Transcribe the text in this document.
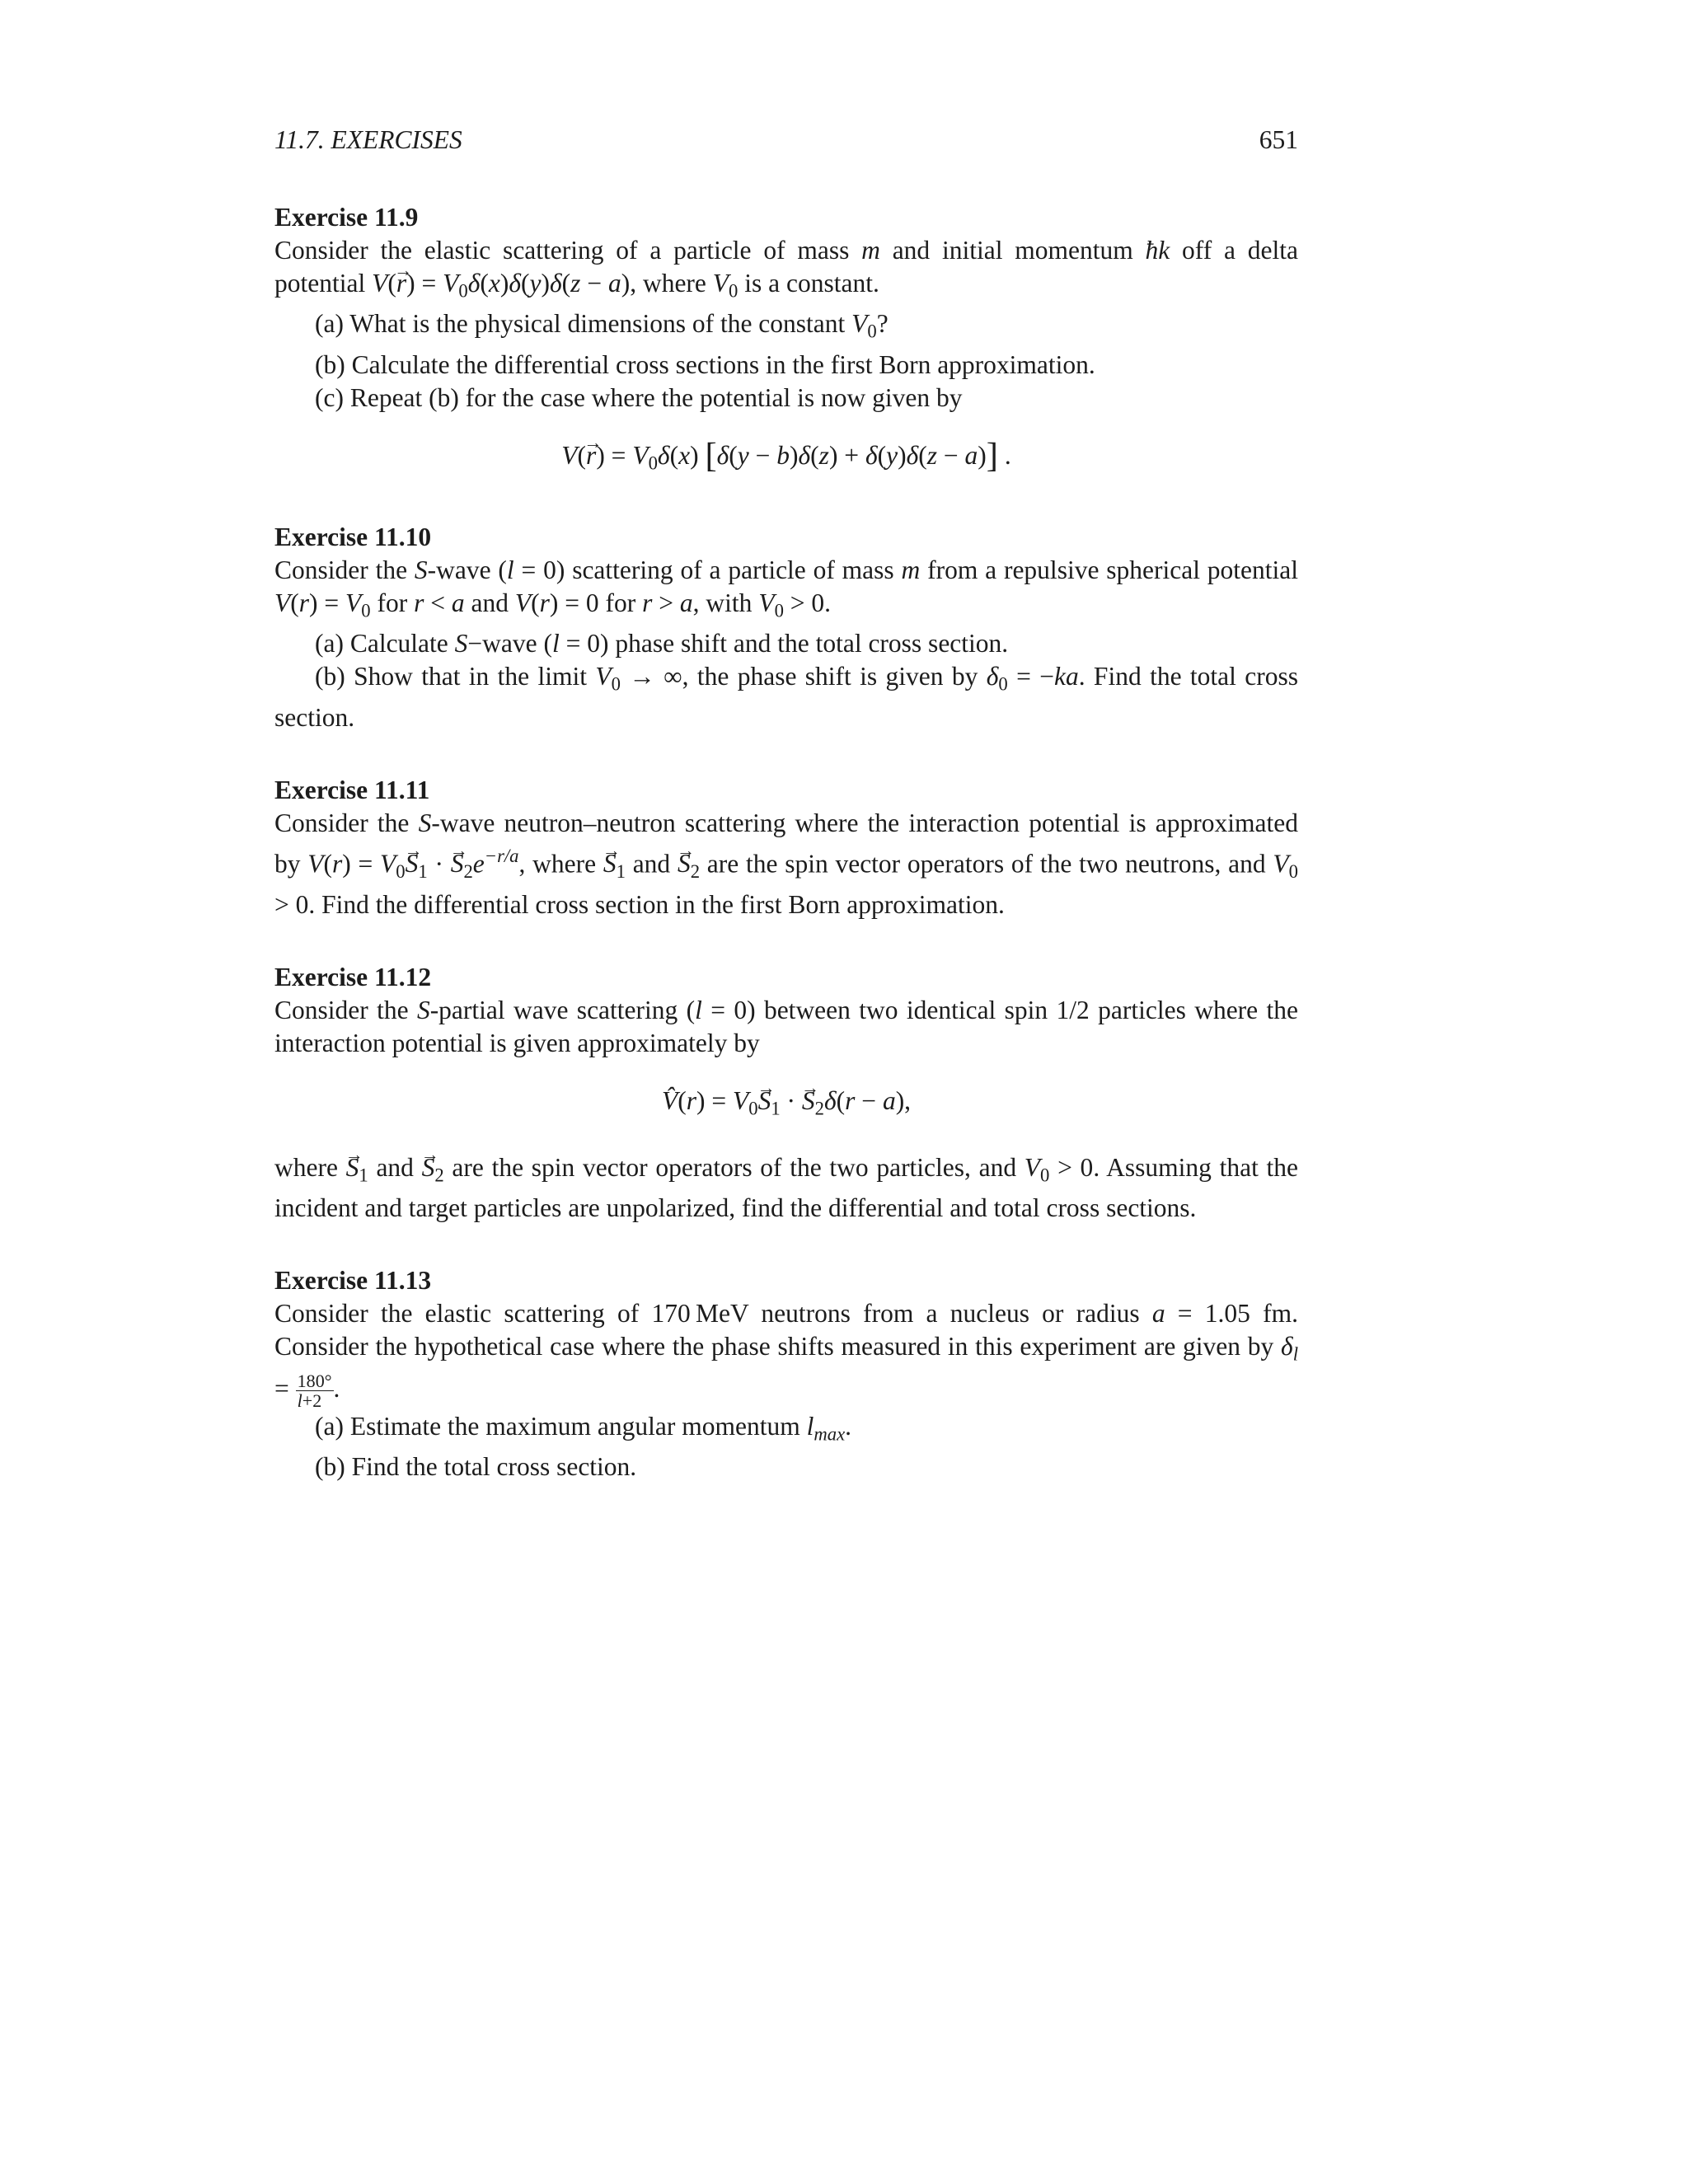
11.7. EXERCISES	651
Exercise 11.9
Consider the elastic scattering of a particle of mass m and initial momentum ħk off a delta potential $V(\to r) = V_0\delta(x)\delta(y)\delta(z - a)$, where $V_0$ is a constant.
(a) What is the physical dimensions of the constant $V_0$?
(b) Calculate the differential cross sections in the first Born approximation.
(c) Repeat (b) for the case where the potential is now given by
$V(\to r) = V_0\delta(x) [\delta(y - b)\delta(z) + \delta(y)\delta(z - a)]$ .
Exercise 11.10
Consider the S-wave (l = 0) scattering of a particle of mass m from a repulsive spherical potential $V(r) = V_0$ for r < a and V(r) = 0 for r > a, with $V_0 > 0$.
(a) Calculate S−wave (l = 0) phase shift and the total cross section.
(b) Show that in the limit $V_0$ → ∞, the phase shift is given by $\delta_0 = -ka$. Find the total cross section.
Exercise 11.11
Consider the S-wave neutron–neutron scattering where the interaction potential is approximated by $V(r) = V_0\to S_1$ · → $S_2e^{-r/a}$, where → $S_1$ and → $S_2$ are the spin vector operators of the two neutrons, and $V_0 > 0$. Find the differential cross section in the first Born approximation.
Exercise 11.12
Consider the S-partial wave scattering (l = 0) between two identical spin 1/2 particles where the interaction potential is given approximately by
V̂(r) = $V_0\to S_1$ · → $S_2\delta(r - a)$,
where → $S_1$ and → $S_2$ are the spin vector operators of the two particles, and $V_0 > 0$. Assuming that the incident and target particles are unpolarized, find the differential and total cross sections.
Exercise 11.13
Consider the elastic scattering of 170 MeV neutrons from a nucleus or radius a = 1.05 fm. Consider the hypothetical case where the phase shifts measured in this experiment are given by $\delta_l = \frac{180^\circ}{l+2}$ .
(a) Estimate the maximum angular momentum $l_{max}$.
(b) Find the total cross section.
